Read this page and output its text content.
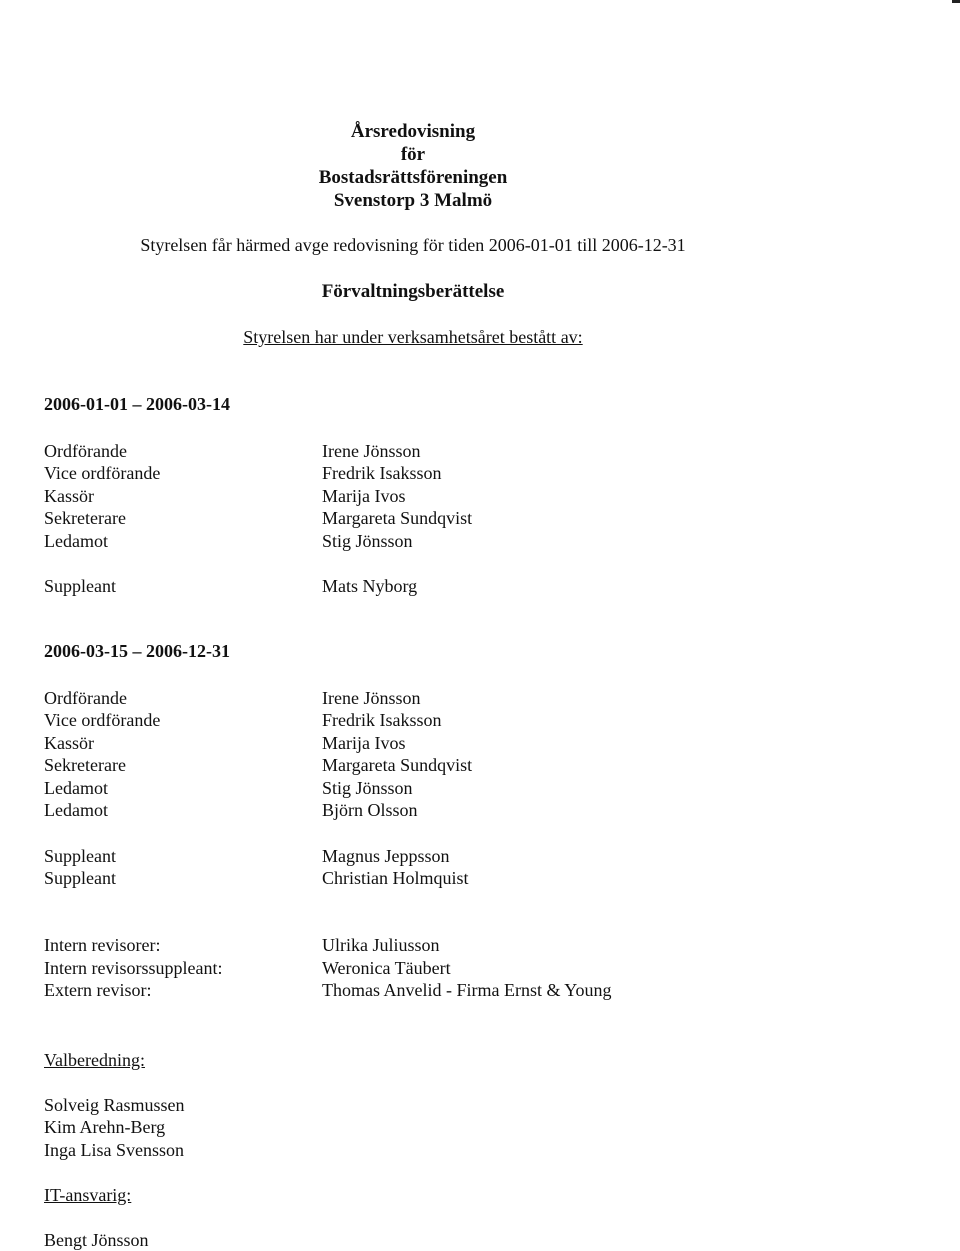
Årsredovisning
för
Bostadsrättsföreningen
Svenstorp 3 Malmö
Styrelsen får härmed avge redovisning för tiden 2006-01-01 till 2006-12-31
Förvaltningsberättelse
Styrelsen har under verksamhetsåret bestått av:
2006-01-01 – 2006-03-14
Ordförande	Irene Jönsson
Vice ordförande	Fredrik Isaksson
Kassör	Marija Ivos
Sekreterare	Margareta Sundqvist
Ledamot	Stig Jönsson
Suppleant	Mats Nyborg
2006-03-15 – 2006-12-31
Ordförande	Irene Jönsson
Vice ordförande	Fredrik Isaksson
Kassör	Marija Ivos
Sekreterare	Margareta Sundqvist
Ledamot	Stig Jönsson
Ledamot	Björn Olsson
Suppleant	Magnus Jeppsson
Suppleant	Christian Holmquist
Intern revisorer:	Ulrika Juliusson
Intern revisorssuppleant:	Weronica Täubert
Extern revisor:	Thomas Anvelid - Firma Ernst & Young
Valberedning:
Solveig Rasmussen
Kim Arehn-Berg
Inga Lisa Svensson
IT-ansvarig:
Bengt Jönsson
